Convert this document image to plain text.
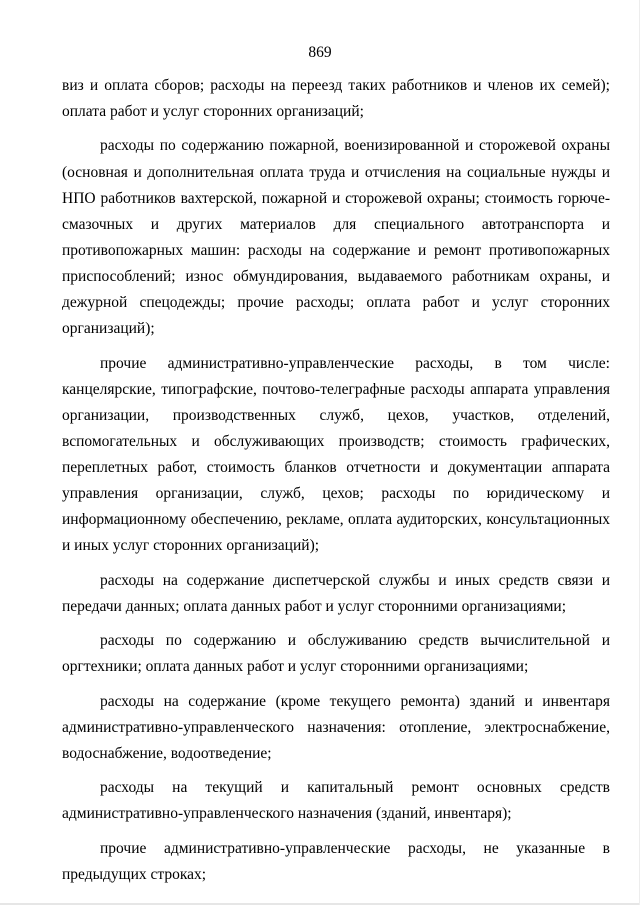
869

виз и оплата сборов; расходы на переезд таких работников и членов их семей); оплата работ и услуг сторонних организаций;

расходы по содержанию пожарной, военизированной и сторожевой охраны (основная и дополнительная оплата труда и отчисления на социальные нужды и НПО работников вахтерской, пожарной и сторожевой охраны; стоимость горюче-смазочных и других материалов для специального автотранспорта и противопожарных машин: расходы на содержание и ремонт противопожарных приспособлений; износ обмундирования, выдаваемого работникам охраны, и дежурной спецодежды; прочие расходы; оплата работ и услуг сторонних организаций);

прочие административно-управленческие расходы, в том числе: канцелярские, типографские, почтово-телеграфные расходы аппарата управления организации, производственных служб, цехов, участков, отделений, вспомогательных и обслуживающих производств; стоимость графических, переплетных работ, стоимость бланков отчетности и документации аппарата управления организации, служб, цехов; расходы по юридическому и информационному обеспечению, рекламе, оплата аудиторских, консультационных и иных услуг сторонних организаций);

расходы на содержание диспетчерской службы и иных средств связи и передачи данных; оплата данных работ и услуг сторонними организациями;

расходы по содержанию и обслуживанию средств вычислительной и оргтехники; оплата данных работ и услуг сторонними организациями;

расходы на содержание (кроме текущего ремонта) зданий и инвентаря административно-управленческого назначения: отопление, электроснабжение, водоснабжение, водоотведение;

расходы на текущий и капитальный ремонт основных средств административно-управленческого назначения (зданий, инвентаря);

прочие административно-управленческие расходы, не указанные в предыдущих строках;
